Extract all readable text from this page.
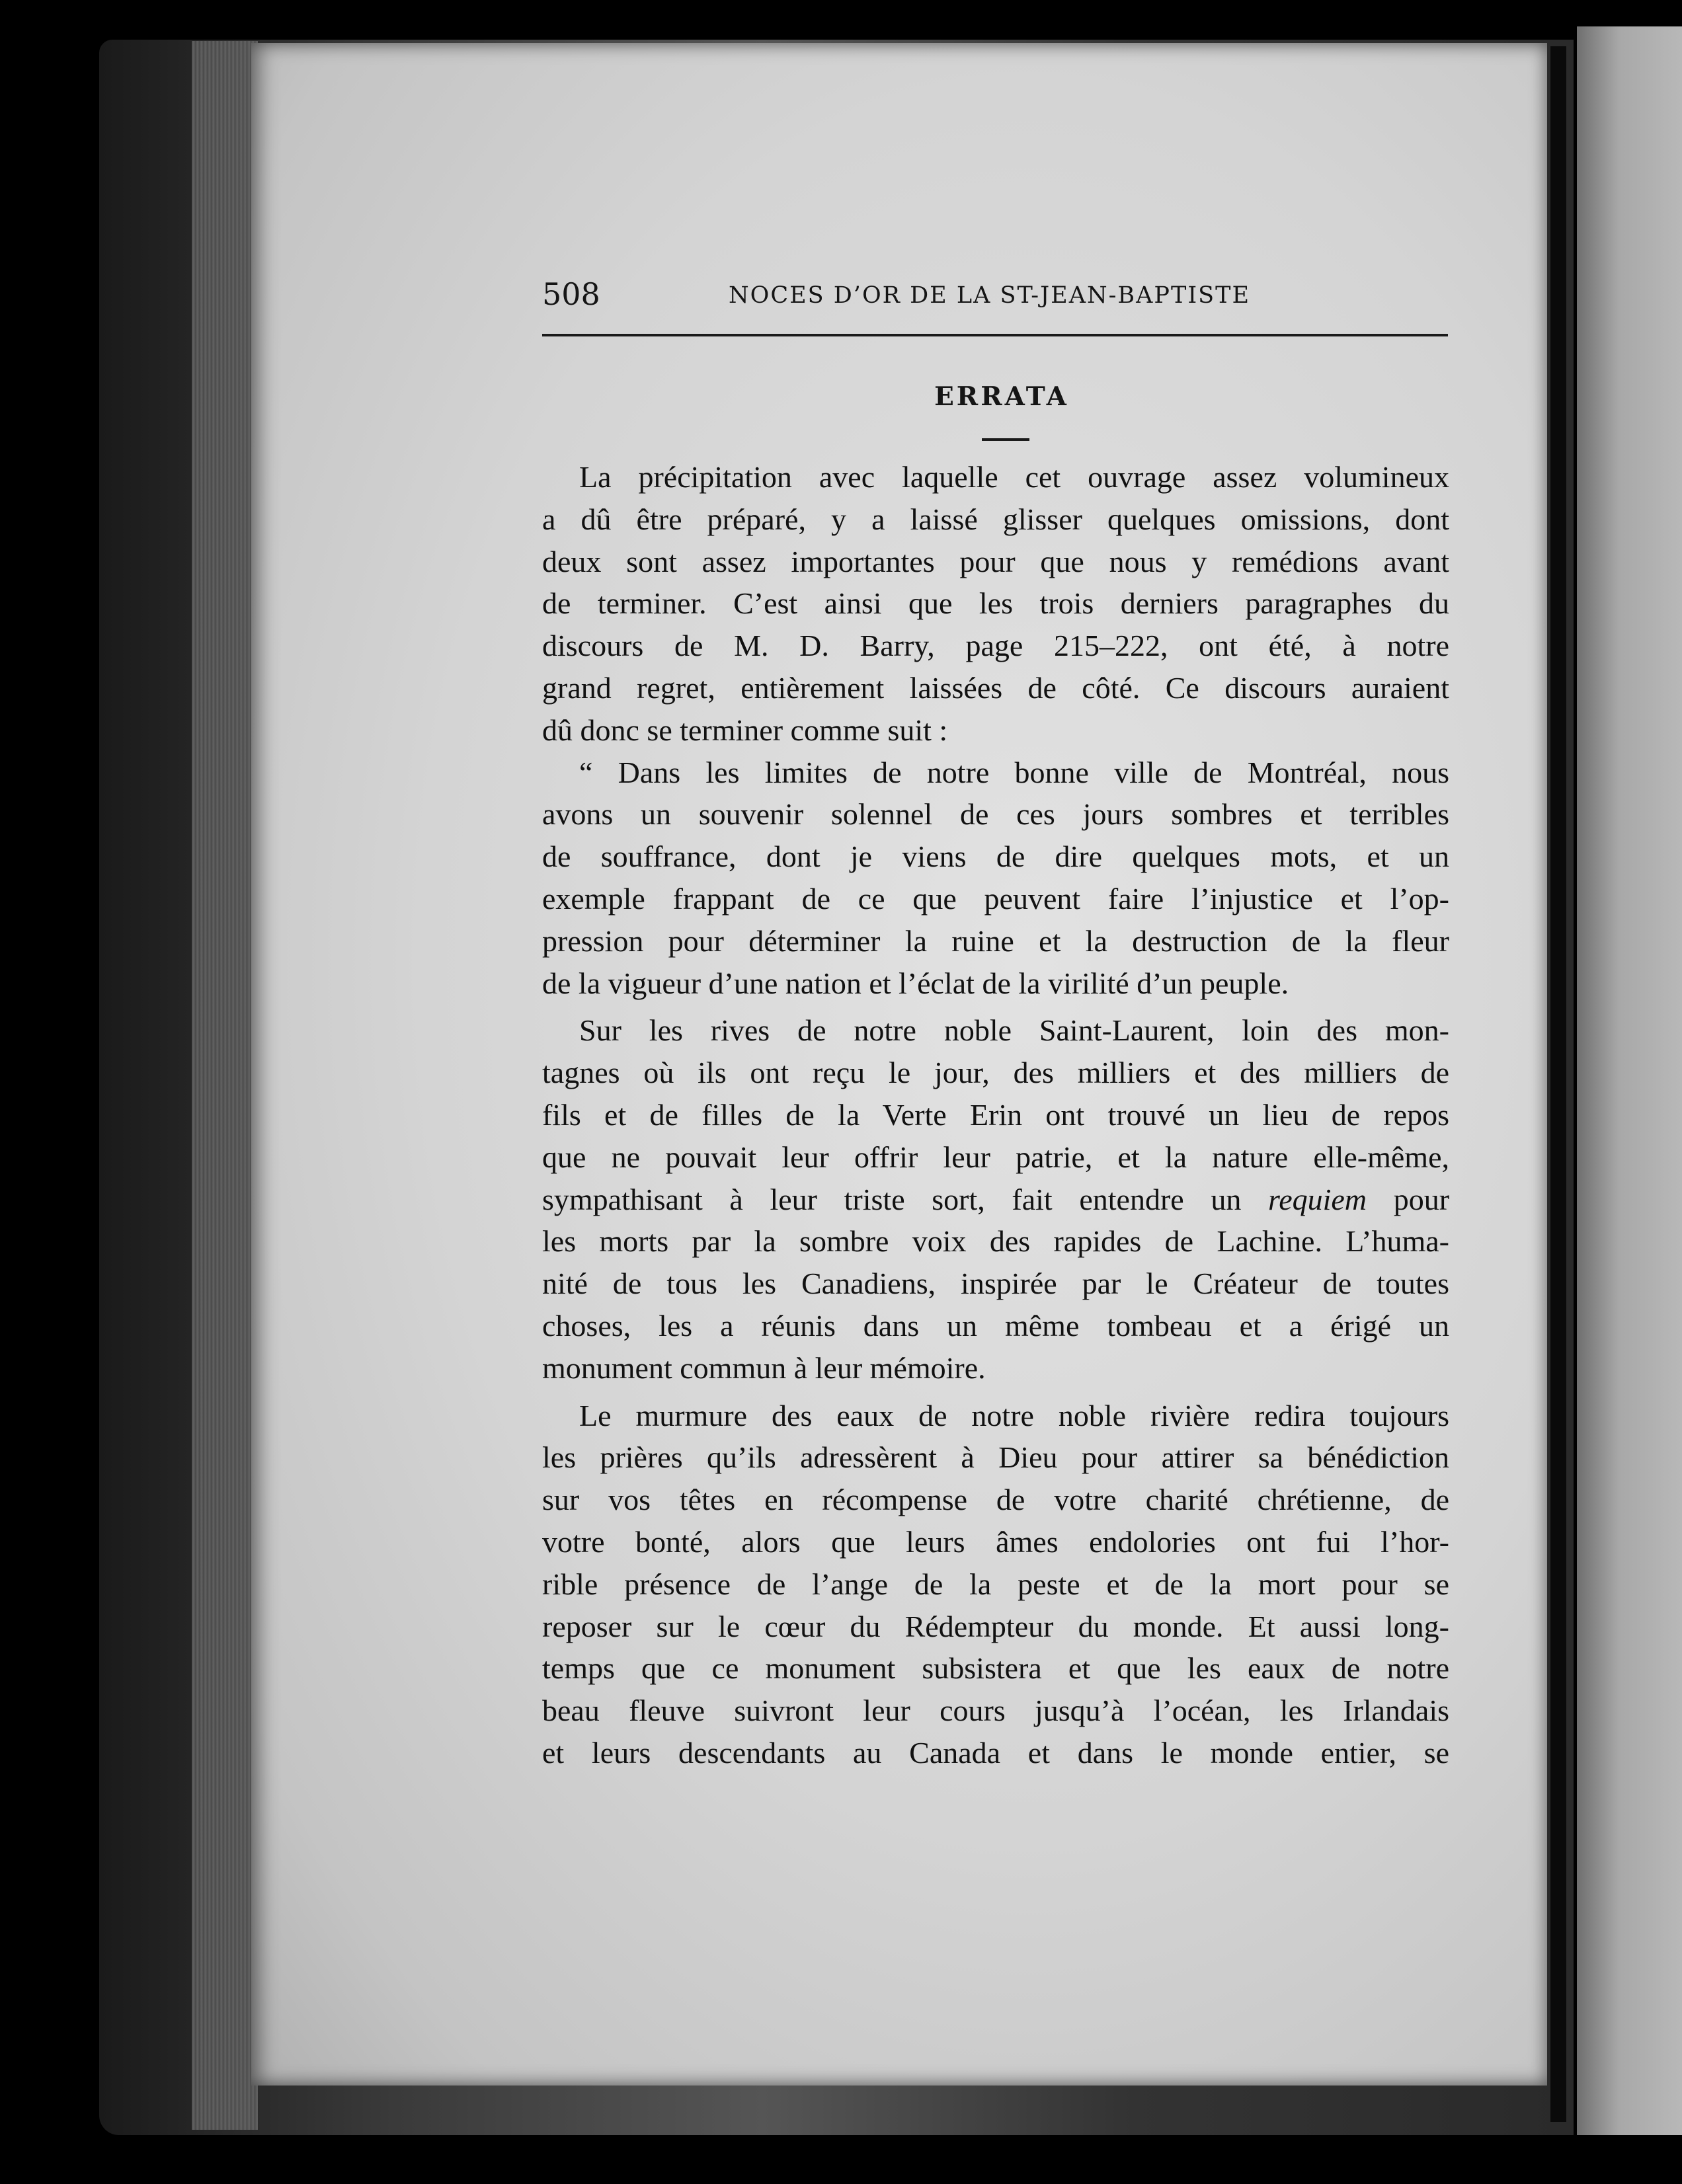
508	NOCES D’OR DE LA ST-JEAN-BAPTISTE
ERRATA
La précipitation avec laquelle cet ouvrage assez volumineux
a dû être préparé, y a laissé glisser quelques omissions, dont
deux sont assez importantes pour que nous y remédions avant
de terminer. C’est ainsi que les trois derniers paragraphes du
discours de M. D. Barry, page 215–222, ont été, à notre
grand regret, entièrement laissées de côté. Ce discours auraient
dû donc se terminer comme suit :
“ Dans les limites de notre bonne ville de Montréal, nous
avons un souvenir solennel de ces jours sombres et terribles
de souffrance, dont je viens de dire quelques mots, et un
exemple frappant de ce que peuvent faire l’injustice et l’op-
pression pour déterminer la ruine et la destruction de la fleur
de la vigueur d’une nation et l’éclat de la virilité d’un peuple.
Sur les rives de notre noble Saint-Laurent, loin des mon-
tagnes où ils ont reçu le jour, des milliers et des milliers de
fils et de filles de la Verte Erin ont trouvé un lieu de repos
que ne pouvait leur offrir leur patrie, et la nature elle-même,
sympathisant à leur triste sort, fait entendre un requiem pour
les morts par la sombre voix des rapides de Lachine. L’huma-
nité de tous les Canadiens, inspirée par le Créateur de toutes
choses, les a réunis dans un même tombeau et a érigé un
monument commun à leur mémoire.
Le murmure des eaux de notre noble rivière redira toujours
les prières qu’ils adressèrent à Dieu pour attirer sa bénédiction
sur vos têtes en récompense de votre charité chrétienne, de
votre bonté, alors que leurs âmes endolories ont fui l’hor-
rible présence de l’ange de la peste et de la mort pour se
reposer sur le cœur du Rédempteur du monde. Et aussi long-
temps que ce monument subsistera et que les eaux de notre
beau fleuve suivront leur cours jusqu’à l’océan, les Irlandais
et leurs descendants au Canada et dans le monde entier, se
